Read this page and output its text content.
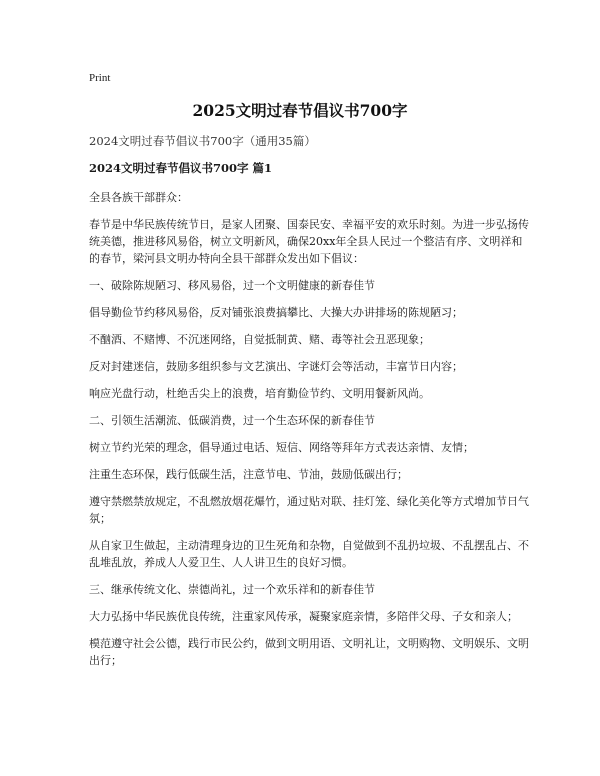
Print
2025文明过春节倡议书700字
2024文明过春节倡议书700字（通用35篇）
2024文明过春节倡议书700字 篇1

全县各族干部群众：

春节是中华民族传统节日，是家人团聚、国泰民安、幸福平安的欢乐时刻。为进一步弘扬传统美德，推进移风易俗，树立文明新风，确保20xx年全县人民过一个整洁有序、文明祥和的春节，梁河县文明办特向全县干部群众发出如下倡议：

一、破除陈规陋习、移风易俗，过一个文明健康的新春佳节

倡导勤俭节约移风易俗，反对铺张浪费搞攀比、大操大办讲排场的陈规陋习；

不酗酒、不赌博、不沉迷网络，自觉抵制黄、赌、毒等社会丑恶现象；

反对封建迷信，鼓励多组织参与文艺演出、字谜灯会等活动，丰富节日内容；

响应光盘行动，杜绝舌尖上的浪费，培育勤俭节约、文明用餐新风尚。

二、引领生活潮流、低碳消费，过一个生态环保的新春佳节

树立节约光荣的理念，倡导通过电话、短信、网络等拜年方式表达亲情、友情；

注重生态环保，践行低碳生活，注意节电、节油，鼓励低碳出行；

遵守禁燃禁放规定，不乱燃放烟花爆竹，通过贴对联、挂灯笼、绿化美化等方式增加节日气氛；

从自家卫生做起，主动清理身边的卫生死角和杂物，自觉做到不乱扔垃圾、不乱摆乱占、不乱堆乱放，养成人人爱卫生、人人讲卫生的良好习惯。

三、继承传统文化、崇德尚礼，过一个欢乐祥和的新春佳节

大力弘扬中华民族优良传统，注重家风传承，凝聚家庭亲情，多陪伴父母、子女和亲人；

模范遵守社会公德，践行市民公约，做到文明用语、文明礼让，文明购物、文明娱乐、文明出行；
